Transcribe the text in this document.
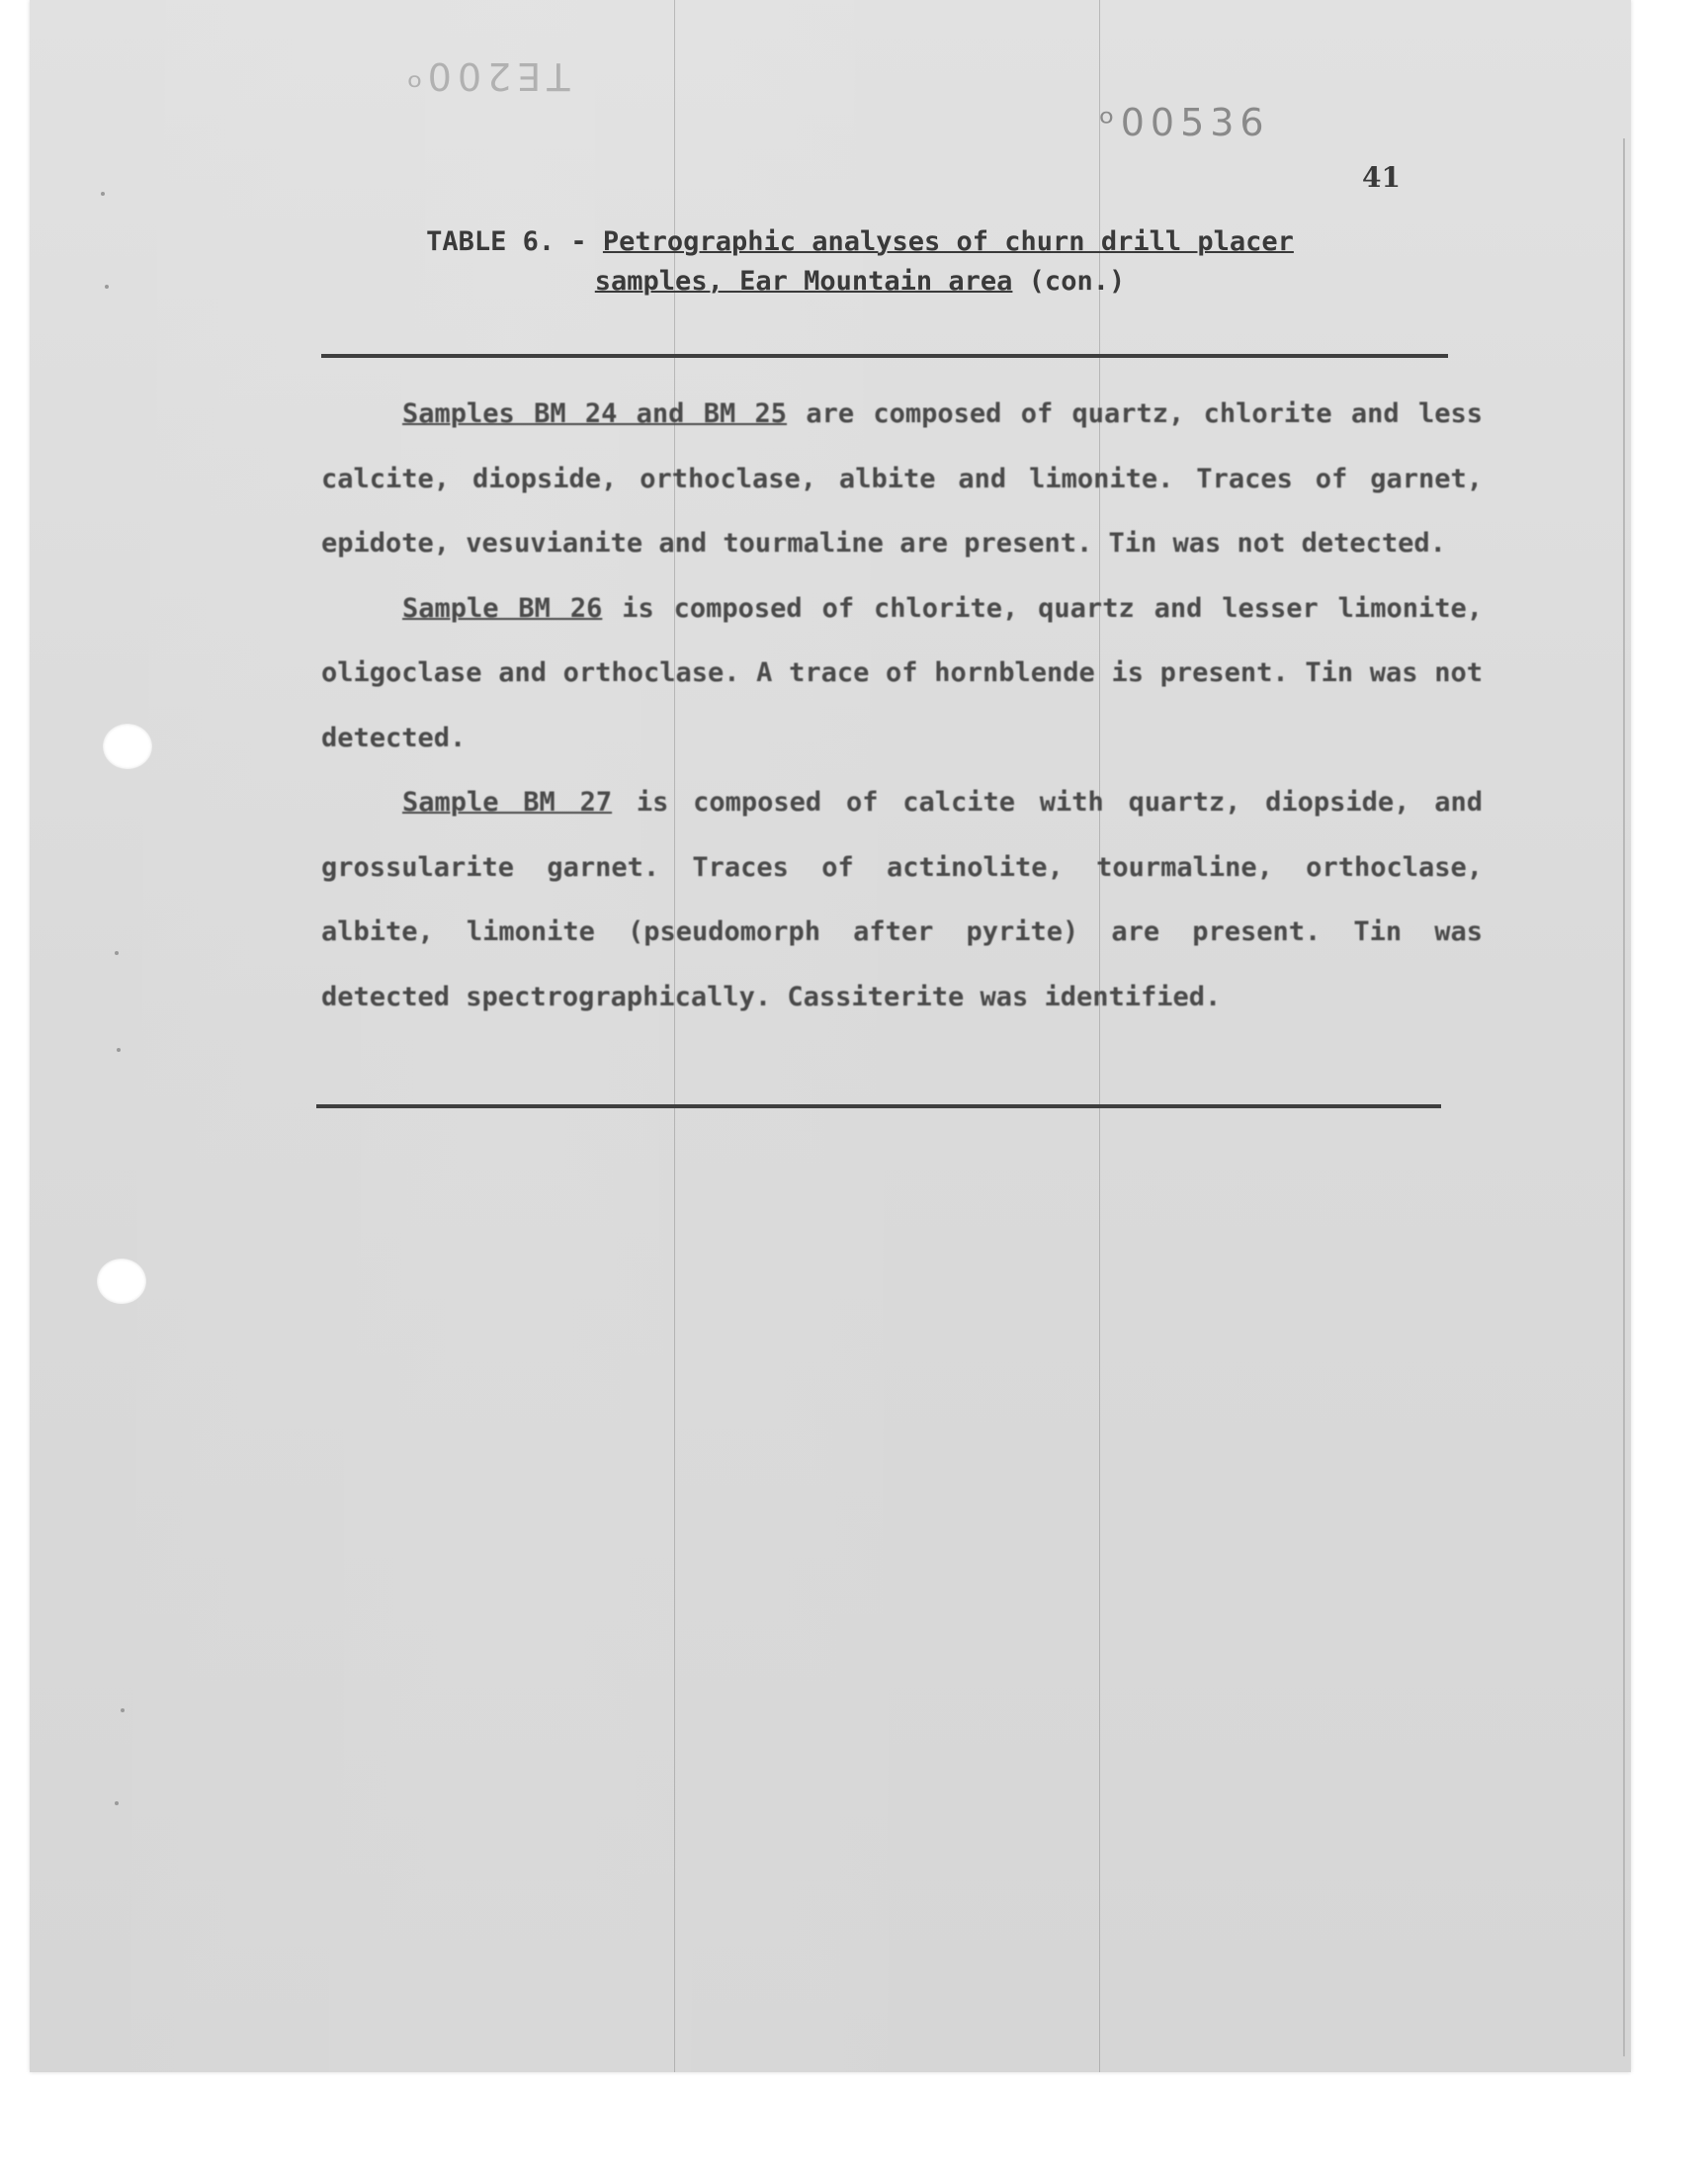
TE200ᵒ
ᵒ00536
41
TABLE 6. - Petrographic analyses of churn drill placer
samples, Ear Mountain area (con.)

Samples BM 24 and BM 25 are composed of quartz, chlorite and less calcite, diopside, orthoclase, albite and limonite. Traces of garnet, epidote, vesuvianite and tourmaline are present. Tin was not detected.

Sample BM 26 is composed of chlorite, quartz and lesser limonite, oligoclase and orthoclase. A trace of hornblende is present. Tin was not detected.

Sample BM 27 is composed of calcite with quartz, diopside, and grossularite garnet. Traces of actinolite, tourmaline, orthoclase, albite, limonite (pseudomorph after pyrite) are present. Tin was detected spectrographically. Cassiterite was identified.
